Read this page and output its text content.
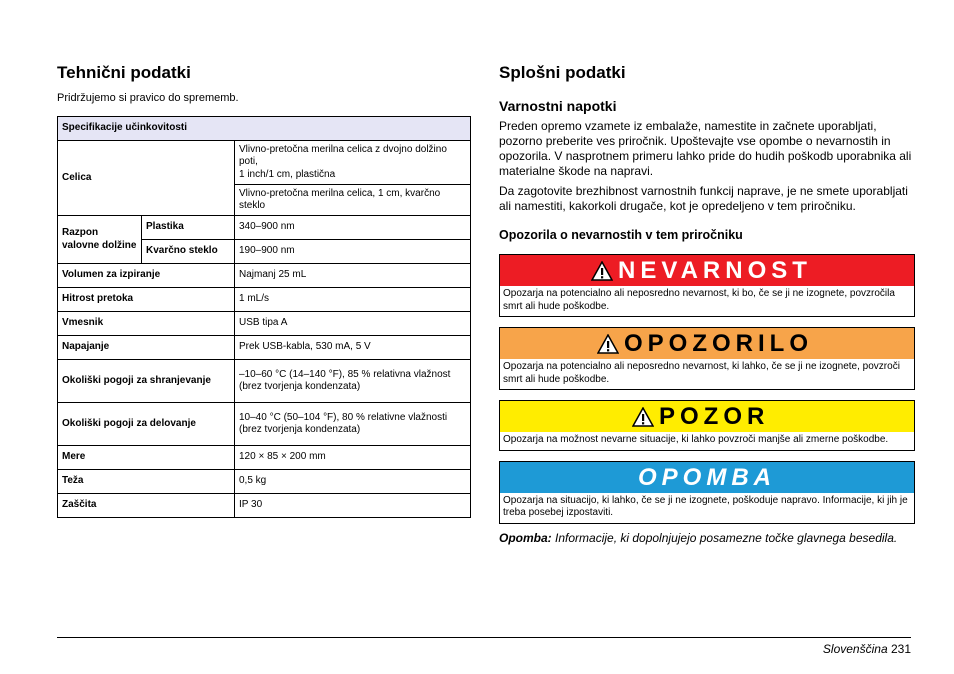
Tehnični podatki

Pridržujemo si pravico do sprememb.

Specifikacije učinkovitosti		
Celica		Vlivno-pretočna merilna celica z dvojno dolžino poti,
1 inch/1 cm, plastična
		Vlivno-pretočna merilna celica, 1 cm, kvarčno steklo
Razpon valovne dolžine	Plastika	340–900 nm
	Kvarčno steklo	190–900 nm
Volumen za izpiranje		Najmanj 25 mL
Hitrost pretoka		1 mL/s
Vmesnik		USB tipa A
Napajanje		Prek USB-kabla, 530 mA, 5 V
Okoliški pogoji za shranjevanje		–10–60 °C (14–140 °F), 85 % relativna vlažnost
(brez tvorjenja kondenzata)
Okoliški pogoji za delovanje		10–40 °C (50–104 °F), 80 % relativne vlažnosti
(brez tvorjenja kondenzata)
Mere		120 × 85 × 200 mm
Teža		0,5 kg
Zaščita		IP 30
Splošni podatki
Varnostni napotki

Preden opremo vzamete iz embalaže, namestite in začnete uporabljati, pozorno preberite ves priročnik. Upoštevajte vse opombe o nevarnostih in opozorila. V nasprotnem primeru lahko pride do hudih poškodb uporabnika ali materialne škode na napravi.

Da zagotovite brezhibnost varnostnih funkcij naprave, je ne smete uporabljati ali namestiti, kakorkoli drugače, kot je opredeljeno v tem priročniku.

Opozorila o nevarnostih v tem priročniku
NEVARNOST
Opozarja na potencialno ali neposredno nevarnost, ki bo, če se ji ne izognete, povzročila smrt ali hude poškodbe.
OPOZORILO
Opozarja na potencialno ali neposredno nevarnost, ki lahko, če se ji ne izognete, povzroči smrt ali hude poškodbe.
POZOR
Opozarja na možnost nevarne situacije, ki lahko povzroči manjše ali zmerne poškodbe.
OPOMBA
Opozarja na situacijo, ki lahko, če se ji ne izognete, poškoduje napravo. Informacije, ki jih je treba posebej izpostaviti.

Opomba: Informacije, ki dopolnjujejo posamezne točke glavnega besedila.

Slovenščina 231
